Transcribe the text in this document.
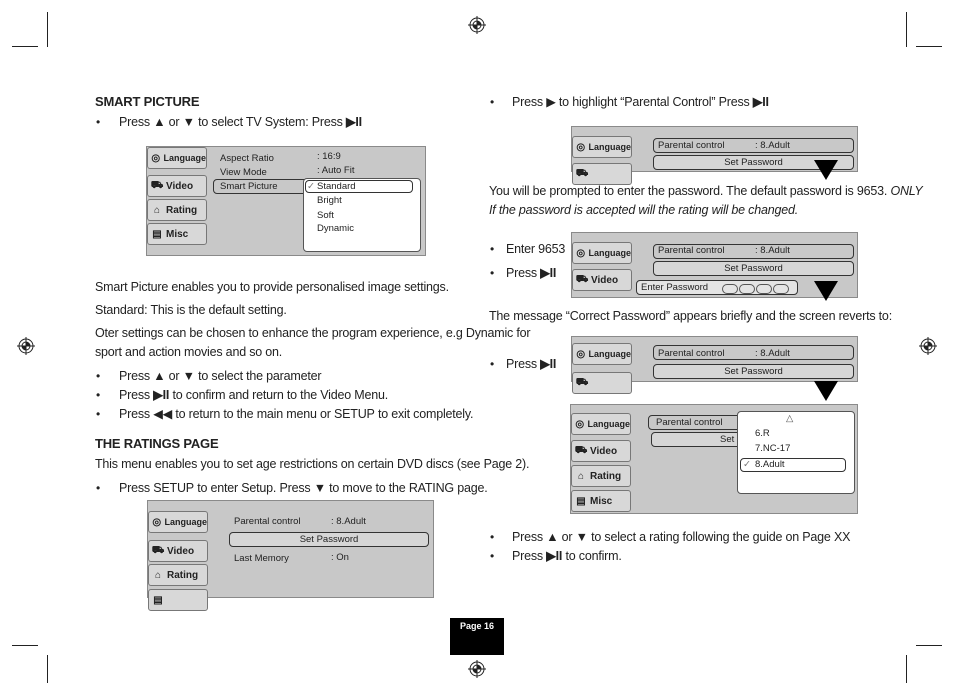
SMART PICTURE
• Press ▲ or ▼ to select TV System: Press ▶II
◎ Language
⛟ Video
⌂ Rating
▤ Misc
Aspect Ratio	: 16:9
View Mode	: Auto Fit
Smart Picture	✓ Standard
Bright
Soft
Dynamic
Smart Picture enables you to provide personalised image settings.
Standard: This is the default setting.
Oter settings can be chosen to enhance the program experience, e.g Dynamic for
sport and action movies and so on.
• Press ▲ or ▼ to select the parameter
• Press ▶II to confirm and return to the Video Menu.
• Press ◀◀ to return to the main menu or SETUP to exit completely.
THE RATINGS PAGE
This menu enables you to set age restrictions on certain DVD discs (see Page 2).
• Press SETUP to enter Setup. Press ▼ to move to the RATING page.
◎ Language
⛟ Video
⌂ Rating
▤
Parental control	: 8.Adult
Set Password
Last Memory	: On
• Press ▶ to highlight “Parental Control” Press ▶II
◎ Language
⛟
Parental control	: 8.Adult
Set Password
You will be prompted to enter the password. The default password is 9653. ONLY
If the password is accepted will the rating will be changed.
• Enter 9653
• Press ▶II
◎ Language
⛟ Video
Parental control	: 8.Adult
Set Password
Enter Password
The message “Correct Password” appears briefly and the screen reverts to:
• Press ▶II
◎ Language
⛟
Parental control	: 8.Adult
Set Password
◎ Language
⛟ Video
⌂ Rating
▤ Misc
Parental control
Set
△
6.R
7.NC-17
✓ 8.Adult
• Press ▲ or ▼ to select a rating following the guide on Page XX
• Press ▶II to confirm.
Page 16
